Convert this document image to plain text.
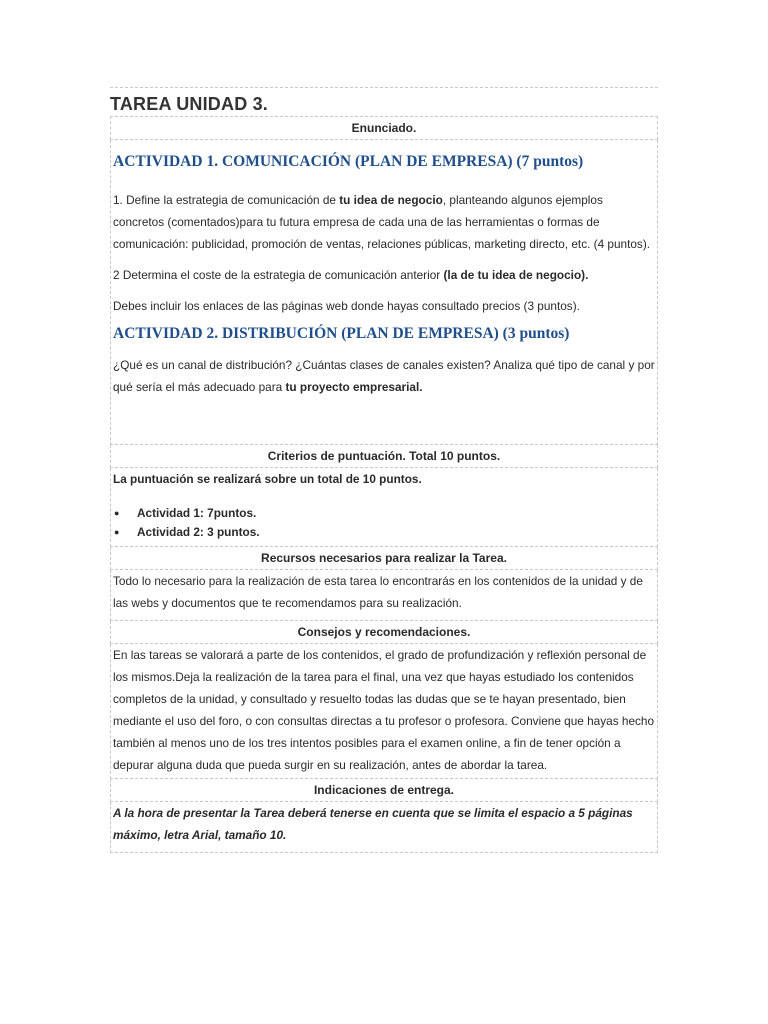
TAREA UNIDAD 3.
Enunciado.

ACTIVIDAD 1. COMUNICACIÓN (PLAN DE EMPRESA) (7 puntos)

1. Define la estrategia de comunicación de tu idea de negocio, planteando algunos ejemplos concretos (comentados)para tu futura empresa de cada una de las herramientas o formas de comunicación: publicidad, promoción de ventas, relaciones públicas, marketing directo, etc. (4 puntos).

2 Determina el coste de la estrategia de comunicación anterior (la de tu idea de negocio).

Debes incluir los enlaces de las páginas web donde hayas consultado precios (3 puntos).

ACTIVIDAD 2. DISTRIBUCIÓN (PLAN DE EMPRESA) (3 puntos)

¿Qué es un canal de distribución? ¿Cuántas clases de canales existen? Analiza qué tipo de canal y por qué sería el más adecuado para tu proyecto empresarial.

Criterios de puntuación. Total 10 puntos.

La puntuación se realizará sobre un total de 10 puntos.

● Actividad 1: 7puntos.
● Actividad 2: 3 puntos.

Recursos necesarios para realizar la Tarea.

Todo lo necesario para la realización de esta tarea lo encontrarás en los contenidos de la unidad y de las webs y documentos que te recomendamos para su realización.

Consejos y recomendaciones.

En las tareas se valorará a parte de los contenidos, el grado de profundización y reflexión personal de los mismos.Deja la realización de la tarea para el final, una vez que hayas estudiado los contenidos completos de la unidad, y consultado y resuelto todas las dudas que se te hayan presentado, bien mediante el uso del foro, o con consultas directas a tu profesor o profesora. Conviene que hayas hecho también al menos uno de los tres intentos posibles para el examen online, a fin de tener opción a depurar alguna duda que pueda surgir en su realización, antes de abordar la tarea.

Indicaciones de entrega.

A la hora de presentar la Tarea deberá tenerse en cuenta que se limita el espacio a 5 páginas máximo, letra Arial, tamaño 10.
